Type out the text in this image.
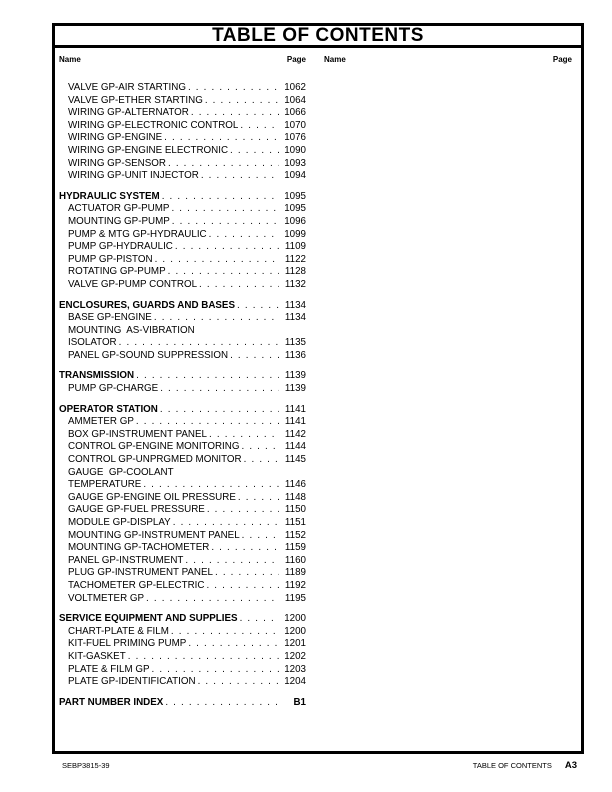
TABLE OF CONTENTS
Name	Page Name	Page
VALVE GP-AIR STARTING . . .	1062
VALVE GP-ETHER STARTING . . .	1064
WIRING GP-ALTERNATOR . . .	1066
WIRING GP-ELECTRONIC CONTROL . . .	1070
WIRING GP-ENGINE . . .	1076
WIRING GP-ENGINE ELECTRONIC . . .	1090
WIRING GP-SENSOR . . .	1093
WIRING GP-UNIT INJECTOR . . .	1094
HYDRAULIC SYSTEM . . .	1095
ACTUATOR GP-PUMP . . .	1095
MOUNTING GP-PUMP . . .	1096
PUMP & MTG GP-HYDRAULIC . . .	1099
PUMP GP-HYDRAULIC . . .	1109
PUMP GP-PISTON . . .	1122
ROTATING GP-PUMP . . .	1128
VALVE GP-PUMP CONTROL . . .	1132
ENCLOSURES, GUARDS AND BASES . . .	1134
BASE GP-ENGINE . . .	1134
MOUNTING  AS-VIBRATION
ISOLATOR . . .	1135
PANEL GP-SOUND SUPPRESSION . . .	1136
TRANSMISSION . . .	1139
PUMP GP-CHARGE . . .	1139
OPERATOR STATION . . .	1141
AMMETER GP . . .	1141
BOX GP-INSTRUMENT PANEL . . .	1142
CONTROL GP-ENGINE MONITORING . . .	1144
CONTROL GP-UNPRGMED MONITOR . . .	1145
GAUGE  GP-COOLANT
TEMPERATURE . . .	1146
GAUGE GP-ENGINE OIL PRESSURE . . .	1148
GAUGE GP-FUEL PRESSURE . . .	1150
MODULE GP-DISPLAY . . .	1151
MOUNTING GP-INSTRUMENT PANEL . . .	1152
MOUNTING GP-TACHOMETER . . .	1159
PANEL GP-INSTRUMENT . . .	1160
PLUG GP-INSTRUMENT PANEL . . .	1189
TACHOMETER GP-ELECTRIC . . .	1192
VOLTMETER GP . . .	1195
SERVICE EQUIPMENT AND SUPPLIES . . .	1200
CHART-PLATE & FILM . . .	1200
KIT-FUEL PRIMING PUMP . . .	1201
KIT-GASKET . . .	1202
PLATE & FILM GP . . .	1203
PLATE GP-IDENTIFICATION . . .	1204
PART NUMBER INDEX . . .	B1
SEBP3815-39	TABLE OF CONTENTS A3
